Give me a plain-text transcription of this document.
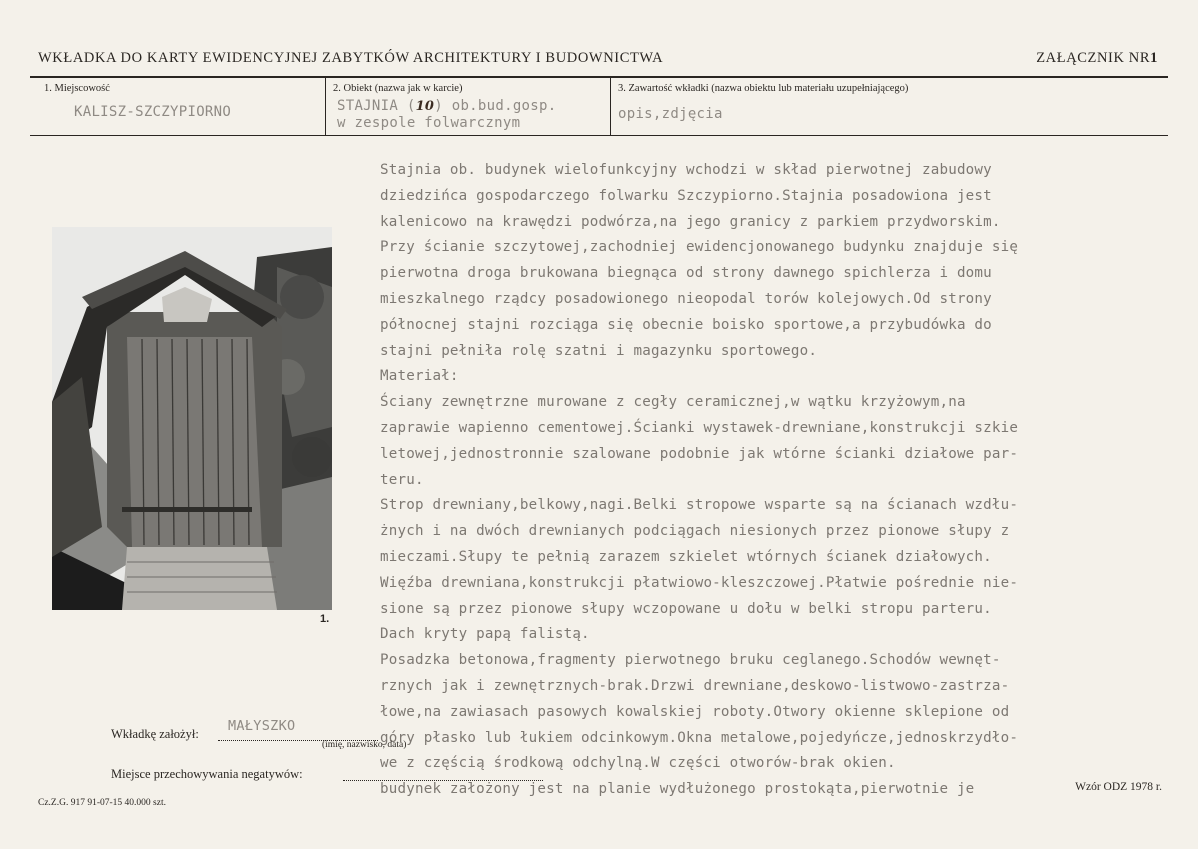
WKŁADKA DO KARTY EWIDENCYJNEJ ZABYTKÓW ARCHITEKTURY I BUDOWNICTWA	ZAŁĄCZNIK NR1
1. Miejscowość
KALISZ-SZCZYPIORNO
2. Obiekt (nazwa jak w karcie)
STAJNIA (10) ob.bud.gosp.
w zespole folwarcznym
3. Zawartość wkładki (nazwa obiektu lub materiału uzupełniającego)
opis,zdjęcia
1.
Stajnia ob. budynek wielofunkcyjny wchodzi w skład pierwotnej zabudowy
dziedzińca gospodarczego folwarku Szczypiorno.Stajnia posadowiona jest
kalenicowo na krawędzi podwórza,na jego granicy z parkiem przydworskim.
Przy ścianie szczytowej,zachodniej ewidencjonowanego budynku znajduje się
pierwotna droga brukowana biegnąca od strony dawnego spichlerza i domu
mieszkalnego rządcy posadowionego nieopodal torów kolejowych.Od strony
północnej stajni rozciąga się obecnie boisko sportowe,a przybudówka do
stajni pełniła rolę szatni i magazynku sportowego.
Materiał:
Ściany zewnętrzne murowane z cegły ceramicznej,w wątku krzyżowym,na
zaprawie wapienno cementowej.Ścianki wystawek-drewniane,konstrukcji szkie
letowej,jednostronnie szalowane podobnie jak wtórne ścianki działowe par-
teru.
Strop drewniany,belkowy,nagi.Belki stropowe wsparte są na ścianach wzdłu-
żnych i na dwóch drewnianych podciągach niesionych przez pionowe słupy z
mieczami.Słupy te pełnią zarazem szkielet wtórnych ścianek działowych.
Więźba drewniana,konstrukcji płatwiowo-kleszczowej.Płatwie pośrednie nie-
sione są przez pionowe słupy wczopowane u dołu w belki stropu parteru.
Dach kryty papą falistą.
Posadzka betonowa,fragmenty pierwotnego bruku ceglanego.Schodów wewnęt-
rznych jak i zewnętrznych-brak.Drzwi drewniane,deskowo-listwowo-zastrza-
łowe,na zawiasach pasowych kowalskiej roboty.Otwory okienne sklepione od
góry płasko lub łukiem odcinkowym.Okna metalowe,pojedyńcze,jednoskrzydło-
we z częścią środkową odchylną.W części otworów-brak okien.
budynek założony jest na planie wydłużonego prostokąta,pierwotnie je
Wkładkę założył: MAŁYSZKO
(imię, nazwisko, data)
Miejsce przechowywania negatywów:
Cz.Z.G. 917 91-07-15 40.000 szt.
Wzór ODZ 1978 r.
